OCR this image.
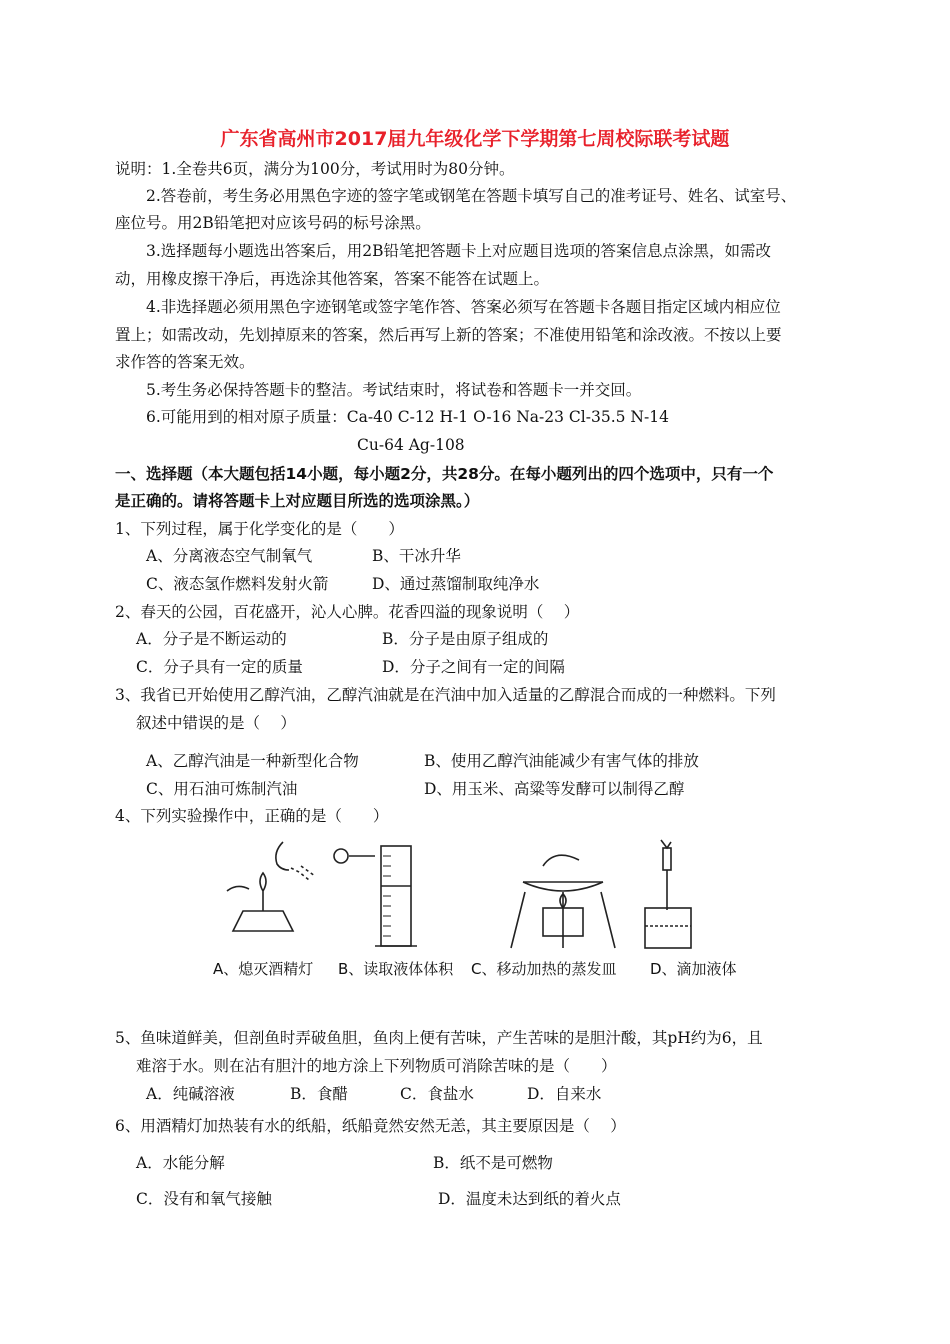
广东省高州市2017届九年级化学下学期第七周校际联考试题
说明：1.全卷共6页，满分为100分，考试用时为80分钟。
2.答卷前，考生务必用黑色字迹的签字笔或钢笔在答题卡填写自己的准考证号、姓名、试室号、
座位号。用2B铅笔把对应该号码的标号涂黑。
3.选择题每小题选出答案后，用2B铅笔把答题卡上对应题目选项的答案信息点涂黑，如需改
动，用橡皮擦干净后，再选涂其他答案，答案不能答在试题上。
4.非选择题必须用黑色字迹钢笔或签字笔作答、答案必须写在答题卡各题目指定区域内相应位
置上；如需改动，先划掉原来的答案，然后再写上新的答案；不准使用铅笔和涂改液。不按以上要
求作答的答案无效。
5.考生务必保持答题卡的整洁。考试结束时，将试卷和答题卡一并交回。
6.可能用到的相对原子质量：Ca-40 C-12 H-1 O-16 Na-23 Cl-35.5 N-14
Cu-64 Ag-108
一、选择题（本大题包括14小题，每小题2分，共28分。在每小题列出的四个选项中，只有一个
是正确的。请将答题卡上对应题目所选的选项涂黑。）
1、下列过程，属于化学变化的是（　　）
A、分离液态空气制氧气	B、干冰升华
C、液态氢作燃料发射火箭	D、通过蒸馏制取纯净水
2、春天的公园，百花盛开，沁人心脾。花香四溢的现象说明（　 ）
A．分子是不断运动的	B．分子是由原子组成的
C．分子具有一定的质量	D．分子之间有一定的间隔
3、我省已开始使用乙醇汽油，乙醇汽油就是在汽油中加入适量的乙醇混合而成的一种燃料。下列
叙述中错误的是（　 ）
A、乙醇汽油是一种新型化合物	B、使用乙醇汽油能减少有害气体的排放
C、用石油可炼制汽油	D、用玉米、高粱等发酵可以制得乙醇
4、下列实验操作中，正确的是（　　）
A、熄灭酒精灯 B、读取液体体积 C、移动加热的蒸发皿 D、滴加液体
5、鱼味道鲜美，但剖鱼时弄破鱼胆，鱼肉上便有苦味，产生苦味的是胆汁酸，其pH约为6，且
难溶于水。则在沾有胆汁的地方涂上下列物质可消除苦味的是（　　）
A．纯碱溶液	B．食醋	C．食盐水	D．自来水
6、用酒精灯加热装有水的纸船，纸船竟然安然无恙，其主要原因是（　 ）
A．水能分解	B．纸不是可燃物
C．没有和氧气接触	D．温度未达到纸的着火点
